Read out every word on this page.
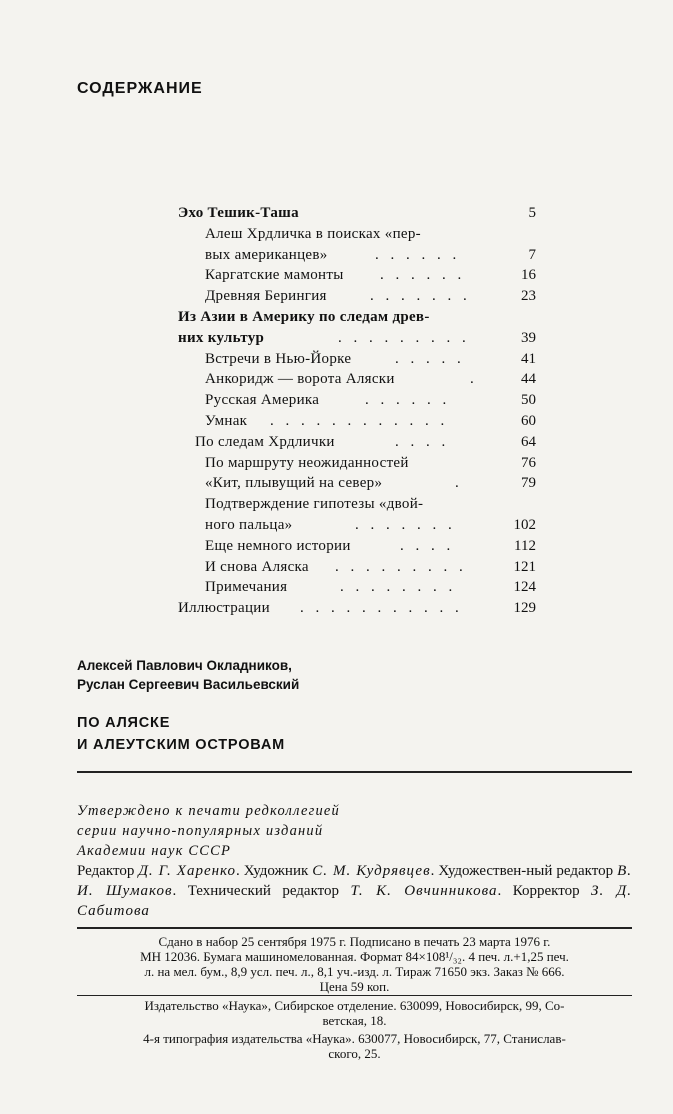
СОДЕРЖАНИЕ
Эхо Тешик-Таша	5
Алеш Хрдличка в поисках «пер-
вых американцев»	. . . . . .	7
Каргатские мамонты . . . . . .	16
Древняя Берингия	. . . . . . .	23
Из Азии в Америку по следам древ-
них культур	. . . . . . . . .	39
Встречи в Нью-Йорке	. . . . .	41
Анкоридж — ворота Аляски	.	44
Русская Америка	. . . . . .	50
Умнак . . . . . . . . . . . .	60
По следам Хрдлички	. . . .	64
По маршруту неожиданностей	76
«Кит, плывущий на север»	.	79
Подтверждение гипотезы «двой-
ного пальца»	. . . . . . .	102
Еще немного истории	. . . .	112
И снова Аляска . . . . . . . . .	121
Примечания	. . . . . . . .	124
Иллюстрации . . . . . . . . . . .	129
Алексей Павлович Окладников,
Руслан Сергеевич Васильевский
ПО АЛЯСКЕ
И АЛЕУТСКИМ ОСТРОВАМ
Утверждено к печати редколлегией
серии научно-популярных изданий
Академии наук СССР
Редактор Д. Г. Харенко. Художник С. М. Кудрявцев. Художествен-ный редактор В. И. Шумаков. Технический редактор Т. К. Овчинникова. Корректор З. Д. Сабитова
Сдано в набор 25 сентября 1975 г. Подписано в печать 23 марта 1976 г.
МН 12036. Бумага машиномелованная. Формат 84×108¹/₃₂. 4 печ. л.+1,25 печ.
л. на мел. бум., 8,9 усл. печ. л., 8,1 уч.-изд. л. Тираж 71650 экз. Заказ № 666.
Цена 59 коп.
Издательство «Наука», Сибирское отделение. 630099, Новосибирск, 99, Со-
ветская, 18.
4-я типография издательства «Наука». 630077, Новосибирск, 77, Станислав-
ского, 25.
